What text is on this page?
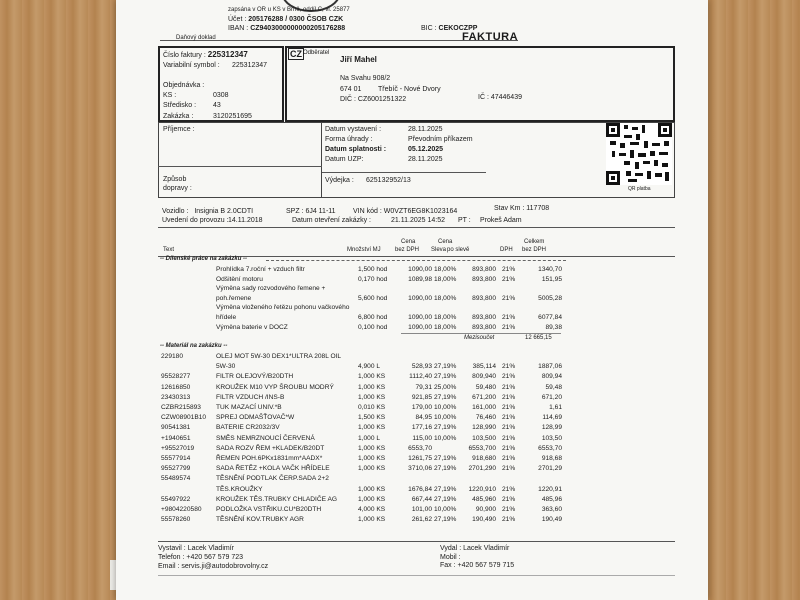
zapsána v OR u KS v Brně, oddíl C, vl. 25877
Účet : 205176288 / 0300 ČSOB CZK
IBAN : CZ9403000000000205176288	BIC : CEKOCZPP
Daňový doklad	FAKTURA
Číslo faktury : 225312347
Variabilní symbol : 225312347
Objednávka :
KS :	0308
Středisko : 43
Zakázka :	3120251695
CZ Odběratel
Jiří Mahel
Na Svahu 908/2
674 01 Třebíč - Nové Dvory
DIČ : CZ6001251322	IČ : 47446439
Příjemce :
Způsob
dopravy :
Datum vystavení :	28.11.2025
Forma úhrady :	Převodním příkazem
Datum splatnosti :	05.12.2025
Datum UZP:	28.11.2025
Výdejka : 625132952/13
QR platba
Vozidlo : Insignia B 2.0CDTI	SPZ : 6J4 11-11 VIN kód : W0VZT6EG8K1023164	Stav Km : 117708
Uvedení do provozu : 14.11.2018	Datum otevření zakázky :	21.11.2025 14:52 PT : Prokeš Adam
Text	Množství MJ
Cena
bez DPH Sleva
Cena
po slevě	DPH
Celkem
bez DPH
-- Dílenské práce na zakázku --
Prohlídka 7.roční + vzduch filtr	1,500 hod	1090,00 18,00%	893,800 21%	1340,70
Odšitění motoru	0,170 hod	1089,98 18,00%	893,800 21%	151,95
Výměna sady rozvodového řemene +
poh.řemene	5,600 hod	1090,00 18,00%	893,800 21%	5005,28
Výměna vloženého řetězu pohonu vačkového
hřídele	6,800 hod	1090,00 18,00%	893,800 21%	6077,84
Výměna baterie v DOCZ	0,100 hod	1090,00 18,00%	893,800 21%	89,38
Mezisoučet	12 665,15
-- Materiál na zakázku --
229180	OLEJ MOT 5W-30 DEX1*ULTRA 208L OIL
5W-30	4,900 L	528,93 27,19%	385,114 21%	1887,06
95528277	FILTR OLEJOVÝ/B20DTH	1,000 KS	1112,40 27,19%	809,940 21%	809,94
12616850	KROUŽEK M10 VYP ŠROUBU MODRÝ	1,000 KS	79,31 25,00%	59,480 21%	59,48
23430313	FILTR VZDUCH /INS-B	1,000 KS	921,85 27,19%	671,200 21%	671,20
CZBR215893 TUK MAZACÍ UNIV.*B	0,010 KS	179,00 10,00%	161,000 21%	1,61
CZW08901B10 SPREJ ODMAŠŤOVAČ*W	1,500 KS	84,95 10,00%	76,460 21%	114,69
90541381	BATERIE CR2032/3V	1,000 KS	177,16 27,19%	128,990 21%	128,99
+1940651	SMĚS NEMRZNOUCÍ ČERVENÁ	1,000 L	115,00 10,00%	103,500 21%	103,50
+95527019	SADA ROZV ŘEM +KLADEK/B20DT	1,000 KS	6553,70	6553,700 21%	6553,70
55577914	ŘEMEN POH.6PKx1831mm*AADX*	1,000 KS	1261,75 27,19%	918,680 21%	918,68
95527799	SADA ŘETĚZ +KOLA VAČK HŘÍDELE	1,000 KS	3710,06 27,19%	2701,290 21%	2701,29
55489574	TĚSNĚNÍ PODTLAK ČERP.SADA 2+2
TĚS.KROUŽKY	1,000 KS	1676,84 27,19%	1220,910 21%	1220,91
55497922	KROUŽEK TĚS.TRUBKY CHLADIČE AG	1,000 KS	667,44 27,19%	485,960 21%	485,96
+9804220580 PODLOŽKA VSTŘIKU.CU*B20DTH	4,000 KS	101,00 10,00%	90,900 21%	363,60
55578260	TĚSNĚNÍ KOV.TRUBKY AGR	1,000 KS	261,62 27,19%	190,490 21%	190,49
Vystavil : Lacek Vladimír
Telefon : +420 567 579 723
Email : servis.ji@autodobrovolny.cz
Vydal : Lacek Vladimír
Mobil :
Fax : +420 567 579 715
